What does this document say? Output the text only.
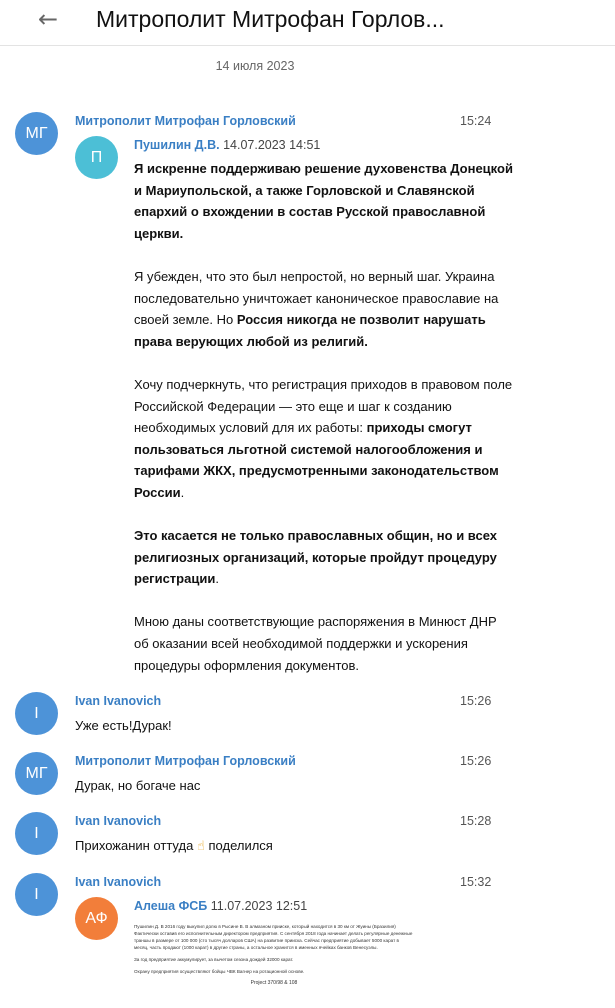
← Митрополит Митрофан Горлов...
14 июля 2023
МГ
Митрополит Митрофан Горловский	15:24
П
Пушилин Д.В. 14.07.2023 14:51

Я искренне поддерживаю решение духовенства Донецкой и Мариупольской, а также Горловской и Славянской епархий о вхождении в состав Русской православной церкви.

Я убежден, что это был непростой, но верный шаг. Украина последовательно уничтожает каноническое православие на своей земле. Но Россия никогда не позволит нарушать права верующих любой из религий.

Хочу подчеркнуть, что регистрация приходов в правовом поле Российской Федерации — это еще и шаг к созданию необходимых условий для их работы: приходы смогут пользоваться льготной системой налогообложения и тарифами ЖКХ, предусмотренными законодательством России.

Это касается не только православных общин, но и всех религиозных организаций, которые пройдут процедуру регистрации.

Мною даны соответствующие распоряжения в Минюст ДНР об оказании всей необходимой поддержки и ускорения процедуры оформления документов.

I
Ivan Ivanovich	15:26
Уже есть!Дурак!
МГ
Митрополит Митрофан Горловский	15:26
Дурак, но богаче нас
I
Ivan Ivanovich	15:28
Прихожанин оттуда ☝ поделился
I
Ivan Ivanovich	15:32
АФ
Алеша ФСБ 11.07.2023 12:51

Пушилин Д. В 2016 году выкупил долю в Рысине В. В алмазном прииске, который находится в 30 км от Жуины (Бразилия) Фактически оставив его исполнительным директором предприятия. С сентября 2018 года начинает делать регулярные денежные траншы в размере от 100 000 (сто тысяч долларов США) на развитие прииска. Сейчас предприятие добывает 5000 карат в месяц, часть продают (1000 карат) в другие страны, а остальное хранится в именных ячейках банков Венесуэлы.

За год предприятие аккумулирует, за вычетом сезона дождей 32000 карат.

Охрану предприятия осуществляют бойцы ЧВК Вагнер на ротационной основе.

Project 370/98 & 108
